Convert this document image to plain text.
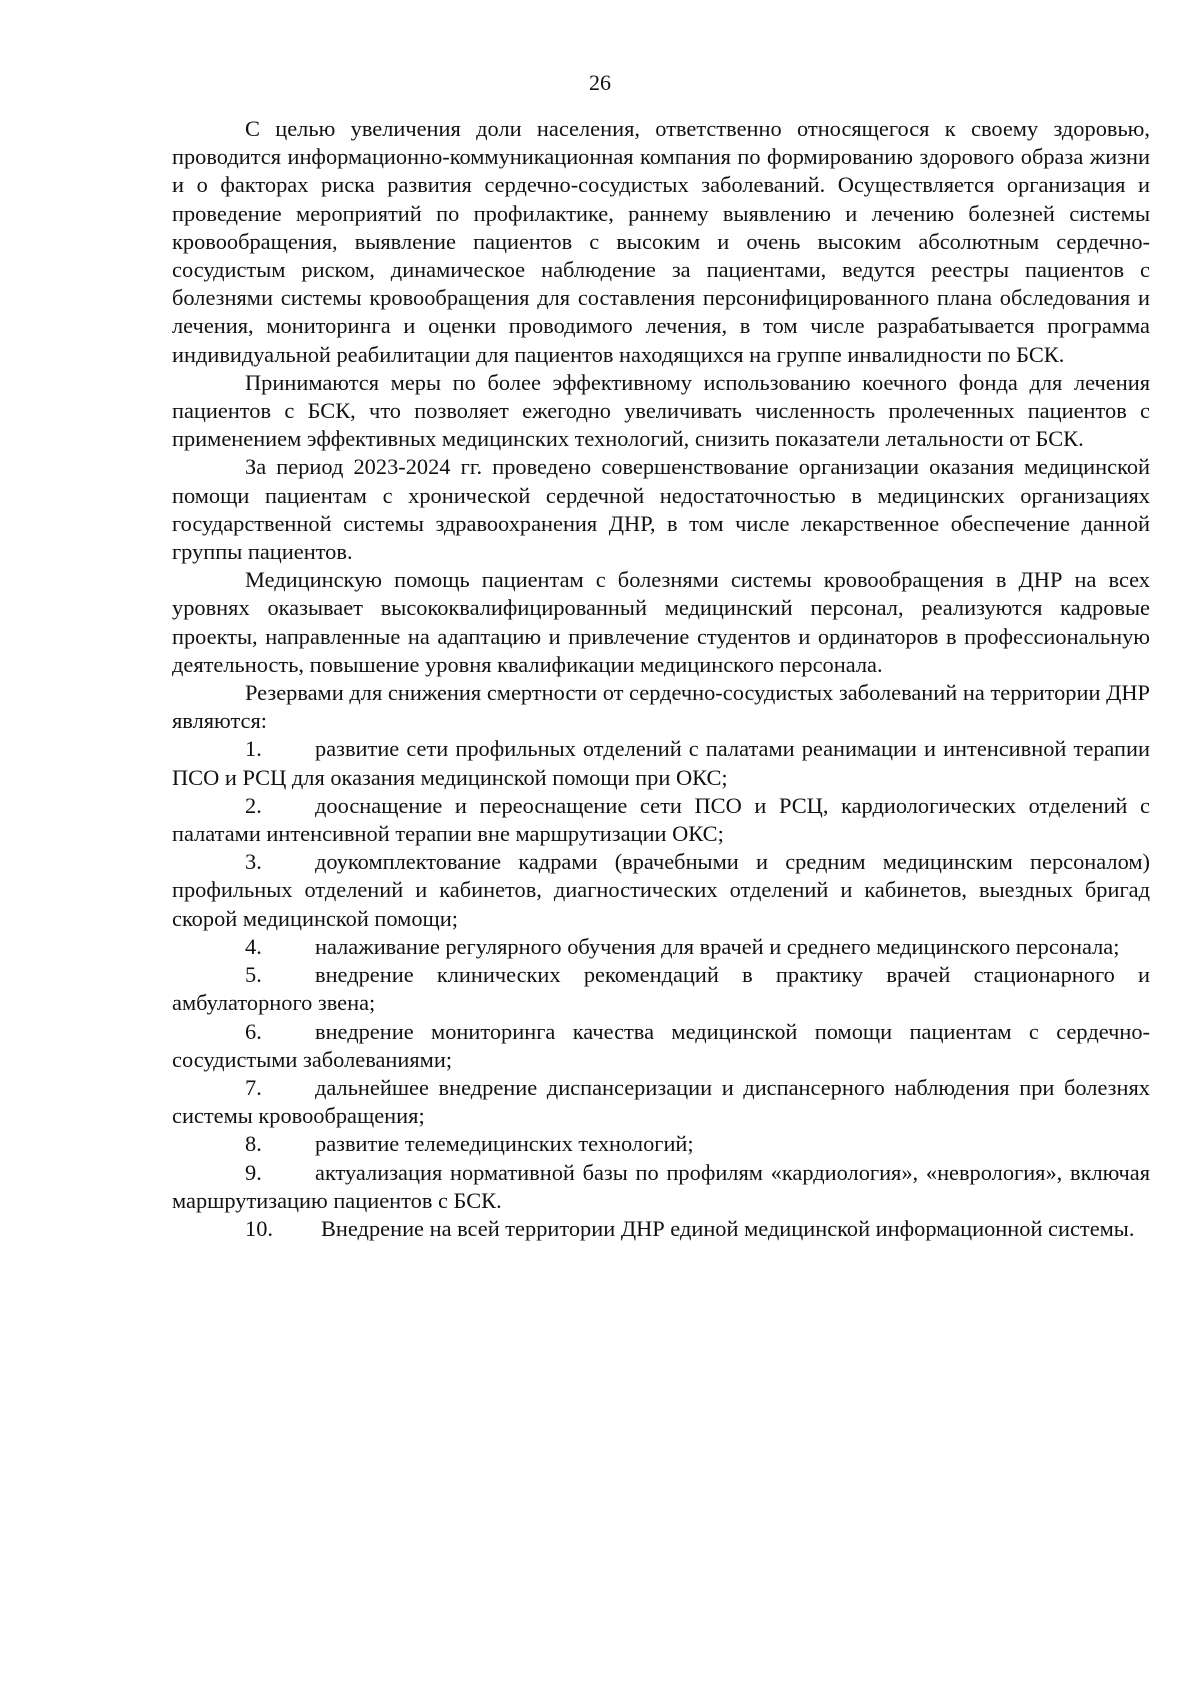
26

С целью увеличения доли населения, ответственно относящегося к своему здоровью, проводится информационно-коммуникационная компания по формированию здорового образа жизни и о факторах риска развития сердечно-сосудистых заболеваний. Осуществляется организация и проведение мероприятий по профилактике, раннему выявлению и лечению болезней системы кровообращения, выявление пациентов с высоким и очень высоким абсолютным сердечно-сосудистым риском, динамическое наблюдение за пациентами, ведутся реестры пациентов с болезнями системы кровообращения для составления персонифицированного плана обследования и лечения, мониторинга и оценки проводимого лечения, в том числе разрабатывается программа индивидуальной реабилитации для пациентов находящихся на группе инвалидности по БСК.

Принимаются меры по более эффективному использованию коечного фонда для лечения пациентов с БСК, что позволяет ежегодно увеличивать численность пролеченных пациентов с применением эффективных медицинских технологий, снизить показатели летальности от БСК.

За период 2023-2024 гг. проведено совершенствование организации оказания медицинской помощи пациентам с хронической сердечной недостаточностью в медицинских организациях государственной системы здравоохранения ДНР, в том числе лекарственное обеспечение данной группы пациентов.

Медицинскую помощь пациентам с болезнями системы кровообращения в ДНР на всех уровнях оказывает высококвалифицированный медицинский персонал, реализуются кадровые проекты, направленные на адаптацию и привлечение студентов и ординаторов в профессиональную деятельность, повышение уровня квалификации медицинского персонала.

Резервами для снижения смертности от сердечно-сосудистых заболеваний на территории ДНР являются:

1. развитие сети профильных отделений с палатами реанимации и интенсивной терапии ПСО и РСЦ для оказания медицинской помощи при ОКС;

2. дооснащение и переоснащение сети ПСО и РСЦ, кардиологических отделений с палатами интенсивной терапии вне маршрутизации ОКС;

3. доукомплектование кадрами (врачебными и средним медицинским персоналом) профильных отделений и кабинетов, диагностических отделений и кабинетов, выездных бригад скорой медицинской помощи;

4. налаживание регулярного обучения для врачей и среднего медицинского персонала;

5. внедрение клинических рекомендаций в практику врачей стационарного и амбулаторного звена;

6. внедрение мониторинга качества медицинской помощи пациентам с сердечно-сосудистыми заболеваниями;

7. дальнейшее внедрение диспансеризации и диспансерного наблюдения при болезнях системы кровообращения;

8. развитие телемедицинских технологий;

9. актуализация нормативной базы по профилям «кардиология», «неврология», включая маршрутизацию пациентов с БСК.

10. Внедрение на всей территории ДНР единой медицинской информационной системы.
